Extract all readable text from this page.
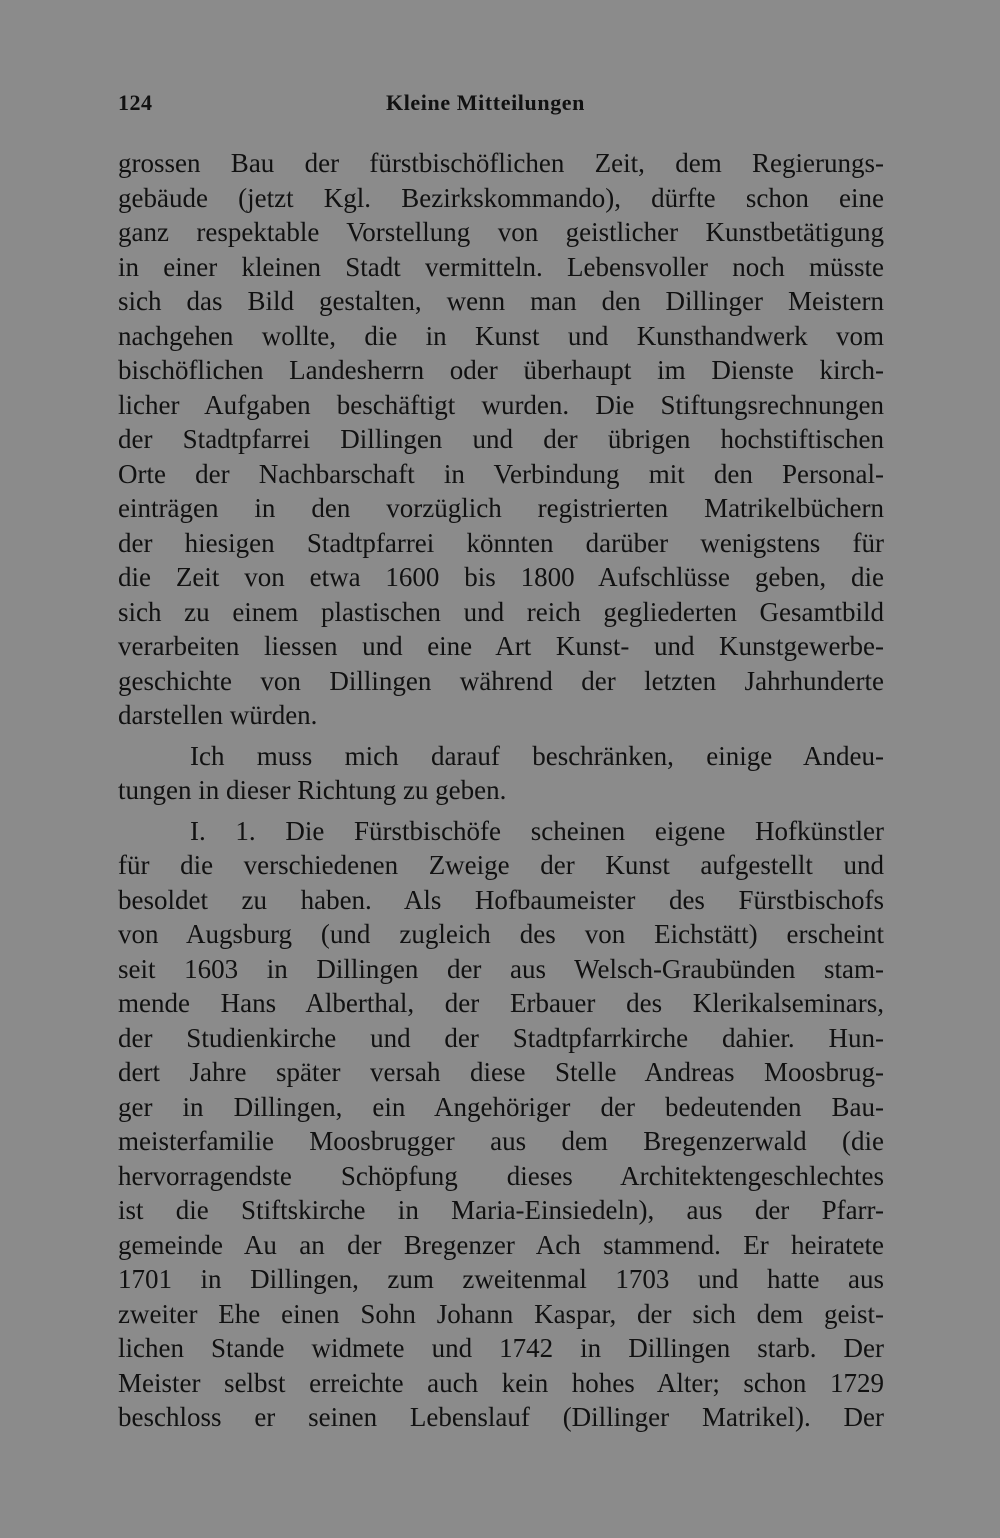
124	Kleine Mitteilungen
grossen Bau der fürstbischöflichen Zeit, dem Regierungs-
gebäude (jetzt Kgl. Bezirkskommando), dürfte schon eine
ganz respektable Vorstellung von geistlicher Kunstbetätigung
in einer kleinen Stadt vermitteln. Lebensvoller noch müsste
sich das Bild gestalten, wenn man den Dillinger Meistern
nachgehen wollte, die in Kunst und Kunsthandwerk vom
bischöflichen Landesherrn oder überhaupt im Dienste kirch-
licher Aufgaben beschäftigt wurden. Die Stiftungsrechnungen
der Stadtpfarrei Dillingen und der übrigen hochstiftischen
Orte der Nachbarschaft in Verbindung mit den Personal-
einträgen in den vorzüglich registrierten Matrikelbüchern
der hiesigen Stadtpfarrei könnten darüber wenigstens für
die Zeit von etwa 1600 bis 1800 Aufschlüsse geben, die
sich zu einem plastischen und reich gegliederten Gesamtbild
verarbeiten liessen und eine Art Kunst- und Kunstgewerbe-
geschichte von Dillingen während der letzten Jahrhunderte
darstellen würden.
Ich muss mich darauf beschränken, einige Andeu-
tungen in dieser Richtung zu geben.
I. 1. Die Fürstbischöfe scheinen eigene Hofkünstler
für die verschiedenen Zweige der Kunst aufgestellt und
besoldet zu haben. Als Hofbaumeister des Fürstbischofs
von Augsburg (und zugleich des von Eichstätt) erscheint
seit 1603 in Dillingen der aus Welsch-Graubünden stam-
mende Hans Alberthal, der Erbauer des Klerikalseminars,
der Studienkirche und der Stadtpfarrkirche dahier. Hun-
dert Jahre später versah diese Stelle Andreas Moosbrug-
ger in Dillingen, ein Angehöriger der bedeutenden Bau-
meisterfamilie Moosbrugger aus dem Bregenzerwald (die
hervorragendste Schöpfung dieses Architektengeschlechtes
ist die Stiftskirche in Maria-Einsiedeln), aus der Pfarr-
gemeinde Au an der Bregenzer Ach stammend. Er heiratete
1701 in Dillingen, zum zweitenmal 1703 und hatte aus
zweiter Ehe einen Sohn Johann Kaspar, der sich dem geist-
lichen Stande widmete und 1742 in Dillingen starb. Der
Meister selbst erreichte auch kein hohes Alter; schon 1729
beschloss er seinen Lebenslauf (Dillinger Matrikel). Der
